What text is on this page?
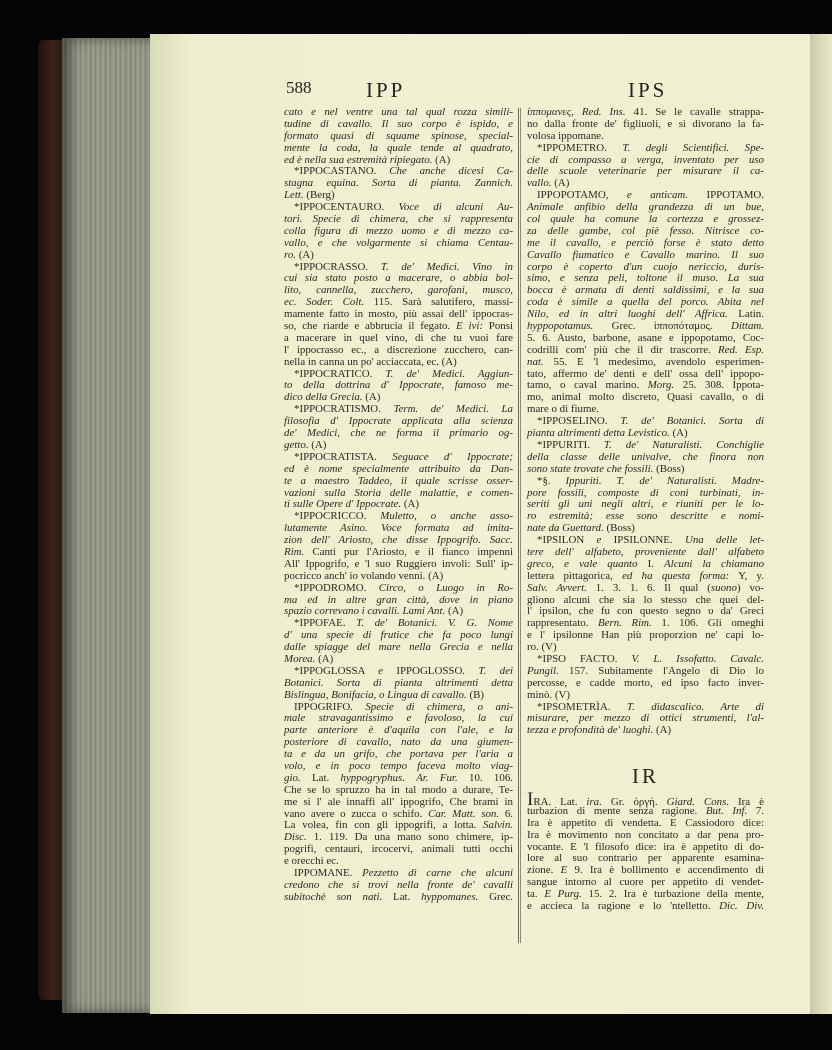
588	IPP	IPS
cato e nel ventre una tal qual rozza simili-
tudine di cavallo. Il suo corpo è ispido, e
formato quasi di squame spinose, special-
mente la coda, la quale tende al quadrato,
ed è nella sua estremità ripiegato. (A)
*IPPOCASTANO. Che anche dicesi Ca-
stagna equina. Sorta di pianta. Zannich.
Lett. (Berg)
*IPPOCENTAURO. Voce di alcuni Au-
tori. Specie di chimera, che si rappresenta
colla figura di mezzo uomo e di mezzo ca-
vallo, e che volgarmente si chiama Centau-
ro. (A)
*IPPOCRASSO. T. de' Medici. Vino in
cui sia stato posto a macerare, o abbia bol-
lito, cannella, zucchero, garofani, musco,
ec. Soder. Colt. 115. Sarà salutifero, massi-
mamente fatto in mosto, più assai dell' ippocras-
so, che riarde e abbrucia il fegato. E ivi: Ponsi
a macerare in quel vino, di che tu vuoi fare
l' ippocrasso ec., a discrezione zucchero, can-
nella in canna un po' acciaccata, ec. (A)
*IPPOCRATICO. T. de' Medici. Aggiun-
to della dottrina d' Ippocrate, famoso me-
dico della Grecia. (A)
*IPPOCRATISMO. Term. de' Medici. La
filosofia d' Ippocrate applicata alla scienza
de' Medici, che ne forma il primario og-
getto. (A)
*IPPOCRATISTA. Seguace d' Ippocrate;
ed è nome specialmente attribuito da Dan-
te a maestro Taddeo, il quale scrisse osser-
vazioni sulla Storia delle malattie, e comen-
ti sulle Opere d' Ippocrate. (A)
*IPPOCRICCO. Muletto, o anche asso-
lutamente Asino. Voce formata ad imita-
zion dell' Ariosto, che disse Ippogrifo. Sacc.
Rim. Canti pur l'Ariosto, e il fianco impenni
All' Ippogrifo, e 'l suo Ruggiero involi: Sull' ip-
pocricco anch' io volando venni. (A)
*IPPODROMO. Circo, o Luogo in Ro-
ma ed in altre gran città, dove in piano
spazio correvano i cavalli. Lami Ant. (A)
*IPPOFAE. T. de' Botanici. V. G. Nome
d' una specie di frutice che fa poco lungi
dalle spiagge del mare nella Grecia e nella
Morea. (A)
*IPPOGLOSSA e IPPOGLOSSO. T. dei
Botanici. Sorta di pianta altrimenti detta
Bislingua, Bonifacia, o Lingua di cavallo. (B)
IPPOGRIFO. Specie di chimera, o ani-
male stravagantissimo e favoloso, la cui
parte anteriore è d'aquila con l'ale, e la
posteriore di cavallo, nato da una giumen-
ta e da un grifo, che portava per l'aria a
volo, e in poco tempo faceva molto viag-
gio. Lat. hyppogryphus. Ar. Fur. 10. 106.
Che se lo spruzzo ha in tal modo a durare, Te-
me si l' ale innaffi all' ippogrifo, Che brami in
vano avere o zucca o schifo. Car. Matt. son. 6.
La volea, fin con gli ippogrifi, a lotta. Salvin.
Disc. 1. 119. Da una mano sono chimere, ip-
pogrifi, centauri, ircocervi, animali tutti occhi
e orecchi ec.
IPPOMANE. Pezzetto di carne che alcuni
credono che si trovi nella fronte de' cavalli
subitochè son nati. Lat. hyppomanes. Grec.
ἱππομανες, Red. Ins. 41. Se le cavalle strappa-
no dalla fronte de' figliuoli, e si divorano la fa-
volosa ippomane.
*IPPOMETRO. T. degli Scientifici. Spe-
cie di compasso a verga, inventato per uso
delle scuole veterinarie per misurare il ca-
vallo. (A)
IPPOPOTAMO, e anticam. IPPOTAMO.
Animale anfibio della grandezza di un bue,
col quale ha comune la cortezza e grossez-
za delle gambe, col piè fesso. Nitrisce co-
me il cavallo, e perciò forse è stato detto
Cavallo fiumatico e Cavallo marino. Il suo
corpo è coperto d'un cuojo nericcio, duris-
simo, e senza peli, toltone il muso. La sua
bocca è armata di denti saldissimi, e la sua
coda è simile a quella del porco. Abita nel
Nilo, ed in altri luoghi dell' Affrica. Latin.
hyppopotamus. Grec. ἱπποπόταμος. Dittam.
5. 6. Austo, barbone, asane e ippopotamo, Coc-
codrilli com' più che il dir trascorre. Red. Esp.
nat. 55. E 'l medesimo, avendolo esperimen-
tato, affermo de' denti e dell' ossa dell' ippopo-
tamo, o caval marino. Morg. 25. 308. Ippota-
mo, animal molto discreto, Quasi cavallo, o di
mare o di fiume.
*IPPOSELINO. T. de' Botanici. Sorta di
pianta altrimenti detta Levistico. (A)
*IPPURITI. T. de' Naturalisti. Conchiglie
della classe delle univalve, che finora non
sono state trovate che fossili. (Boss)
*§. Ippuriti. T. de' Naturalisti. Madre-
pore fossili, composte di coni turbinati, in-
seriti gli uni negli altri, e riuniti per le lo-
ro estremità; esse sono descritte e nomi-
nate da Guettard. (Boss)
*IPSILON e IPSILONNE. Una delle let-
tere dell' alfabeto, proveniente dall' alfabeto
greco, e vale quanto I. Alcuni la chiamano
lettera pittagorica, ed ha questa forma: Y, y.
Salv. Avvert. 1. 3. 1. 6. Il qual (suono) vo-
gliono alcuni che sia lo stesso che quei del-
l' ipsilon, che fu con questo segno υ da' Greci
rappresentato. Bern. Rim. 1. 106. Gli omeghi
e l' ipsilonne Han più proporzion ne' capi lo-
ro. (V)
*IPSO FACTO. V. L. Issofatto. Cavalc.
Pungil. 157. Subitamente l'Angelo di Dio lo
percosse, e cadde morto, ed ipso facto inver-
minò. (V)
*IPSOMETRÌA. T. didascalico. Arte di
misurare, per mezzo di ottici strumenti, l'al-
tezza e profondità de' luoghi. (A)
IR
IRA. Lat. ira. Gr. ὀργή. Giard. Cons. Ira è
turbazion di mente senza ragione. But. Inf. 7.
Ira è appetito di vendetta. E Cassiodoro dice:
Ira è movimento non concitato a dar pena pro-
vocante. E 'l filosofo dice: ira è appetito di do-
lore al suo contrario per apparente esamina-
zione. E 9. Ira è bollimento e accendimento di
sangue intorno al cuore per appetito di vendet-
ta. E Purg. 15. 2. Ira è turbazione della mente,
e accieca la ragione e lo 'ntelletto. Dic. Div.
